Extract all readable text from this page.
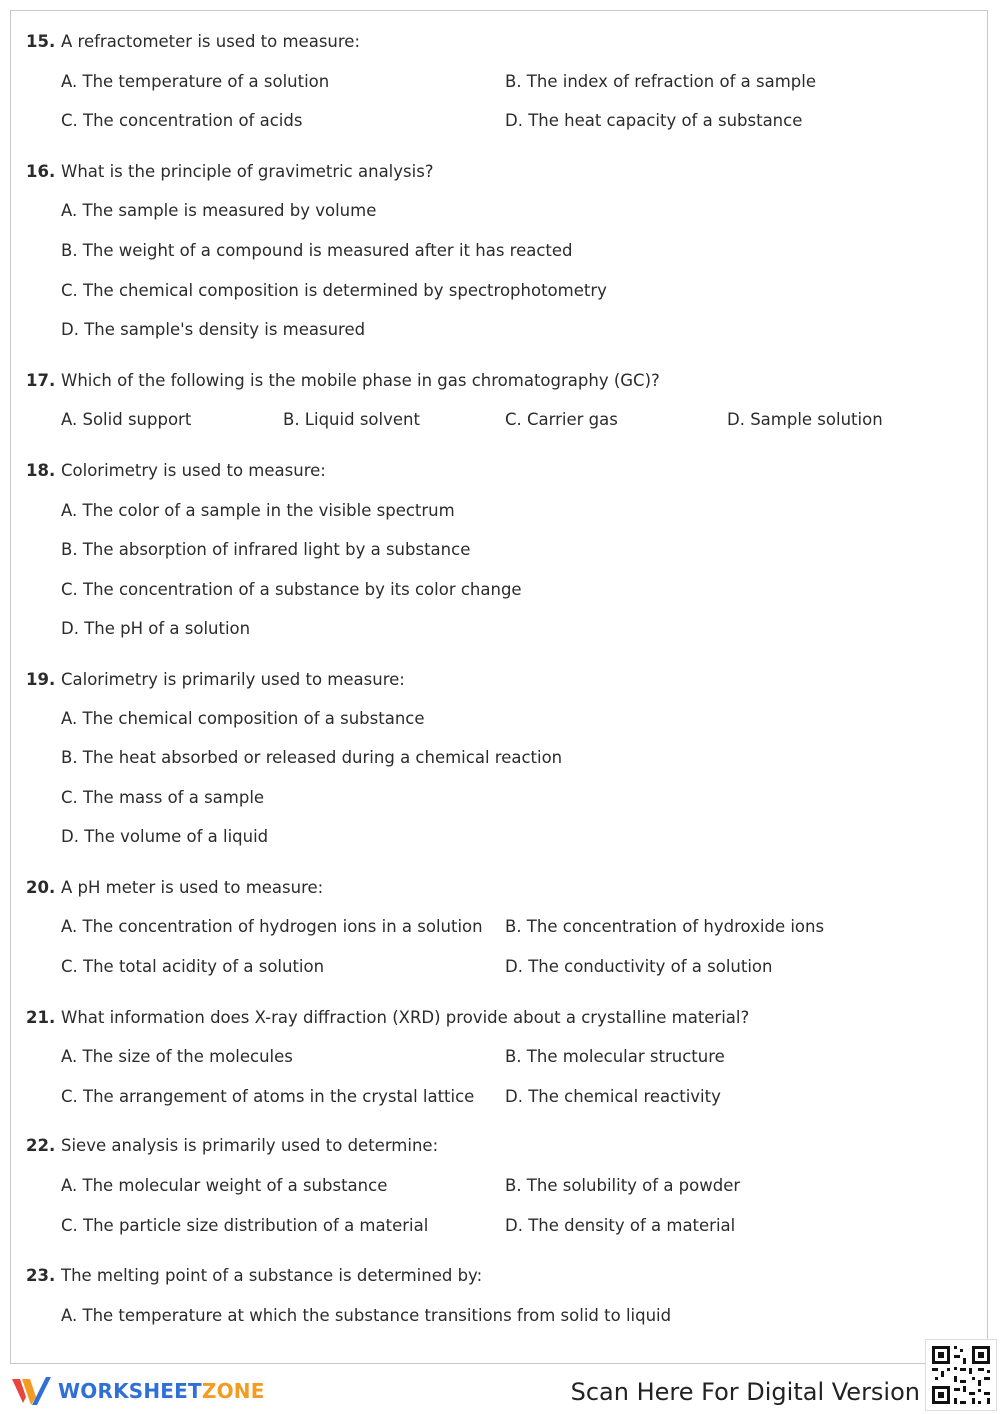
15. A refractometer is used to measure:
A. The temperature of a solution	B. The index of refraction of a sample
C. The concentration of acids	D. The heat capacity of a substance
16. What is the principle of gravimetric analysis?
A. The sample is measured by volume
B. The weight of a compound is measured after it has reacted
C. The chemical composition is determined by spectrophotometry
D. The sample's density is measured
17. Which of the following is the mobile phase in gas chromatography (GC)?
A. Solid support	B. Liquid solvent	C. Carrier gas	D. Sample solution
18. Colorimetry is used to measure:
A. The color of a sample in the visible spectrum
B. The absorption of infrared light by a substance
C. The concentration of a substance by its color change
D. The pH of a solution
19. Calorimetry is primarily used to measure:
A. The chemical composition of a substance
B. The heat absorbed or released during a chemical reaction
C. The mass of a sample
D. The volume of a liquid
20. A pH meter is used to measure:
A. The concentration of hydrogen ions in a solution B. The concentration of hydroxide ions
C. The total acidity of a solution	D. The conductivity of a solution
21. What information does X-ray diffraction (XRD) provide about a crystalline material?
A. The size of the molecules	B. The molecular structure
C. The arrangement of atoms in the crystal lattice D. The chemical reactivity
22. Sieve analysis is primarily used to determine:
A. The molecular weight of a substance	B. The solubility of a powder
C. The particle size distribution of a material	D. The density of a material
23. The melting point of a substance is determined by:
A. The temperature at which the substance transitions from solid to liquid
WORKSHEETZONE	Scan Here For Digital Version
